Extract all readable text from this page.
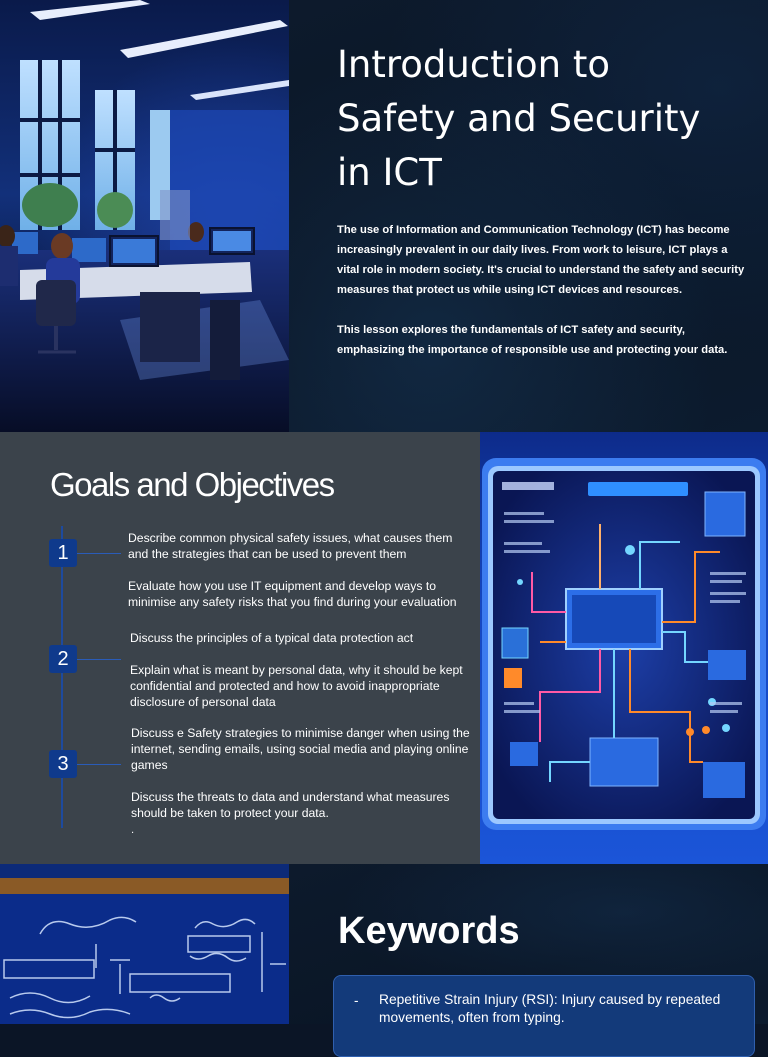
Introduction to Safety and Security in ICT

The use of Information and Communication Technology (ICT) has become increasingly prevalent in our daily lives. From work to leisure, ICT plays a vital role in modern society. It's crucial to understand the safety and security measures that protect us while using ICT devices and resources.

This lesson explores the fundamentals of ICT safety and security, emphasizing the importance of responsible use and protecting your data.

Goals and Objectives
1
2
3

Describe common physical safety issues, what causes them and the strategies that can be used to prevent them

Evaluate how you use IT equipment and develop ways to minimise any safety risks that you find during your evaluation

Discuss the principles of a typical data protection act

Explain what is meant by personal data, why it should be kept confidential and protected and how to avoid inappropriate disclosure of personal data

Discuss e Safety strategies to minimise danger when using the internet, sending emails, using social media and playing online games

Discuss the threats to data and understand what measures should be taken to protect your data.

.

Keywords
- Repetitive Strain Injury (RSI): Injury caused by repeated movements, often from typing.
